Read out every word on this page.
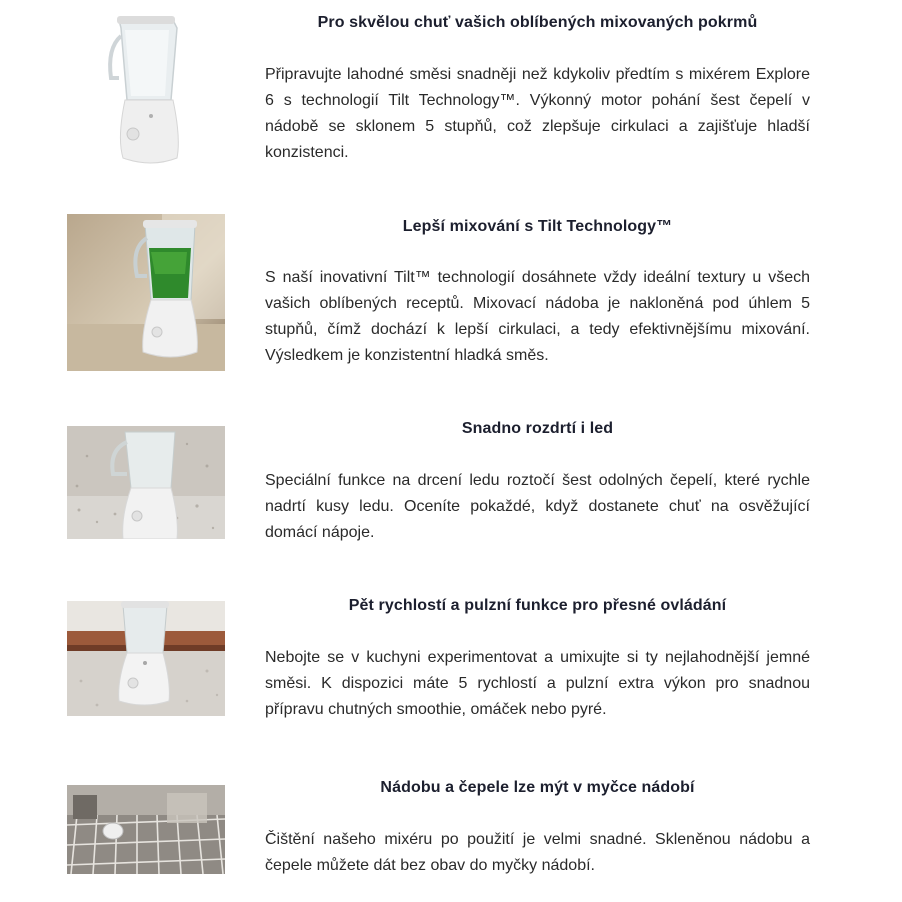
Pro skvělou chuť vašich oblíbených mixovaných pokrmů

Připravujte lahodné směsi snadněji než kdykoliv předtím s mixérem Explore 6 s technologií Tilt Technology™. Výkonný motor pohání šest čepelí v nádobě se sklonem 5 stupňů, což zlepšuje cirkulaci a zajišťuje hladší konzistenci.

Lepší mixování s Tilt Technology™

S naší inovativní Tilt™ technologií dosáhnete vždy ideální textury u všech vašich oblíbených receptů. Mixovací nádoba je nakloněná pod úhlem 5 stupňů, čímž dochází k lepší cirkulaci, a tedy efektivnějšímu mixování. Výsledkem je konzistentní hladká směs.

Snadno rozdrtí i led

Speciální funkce na drcení ledu roztočí šest odolných čepelí, které rychle nadrtí kusy ledu. Oceníte pokaždé, když dostanete chuť na osvěžující domácí nápoje.

Pět rychlostí a pulzní funkce pro přesné ovládání

Nebojte se v kuchyni experimentovat a umixujte si ty nejlahodnější jemné směsi. K dispozici máte 5 rychlostí a pulzní extra výkon pro snadnou přípravu chutných smoothie, omáček nebo pyré.

Nádobu a čepele lze mýt v myčce nádobí

Čištění našeho mixéru po použití je velmi snadné. Skleněnou nádobu a čepele můžete dát bez obav do myčky nádobí.
